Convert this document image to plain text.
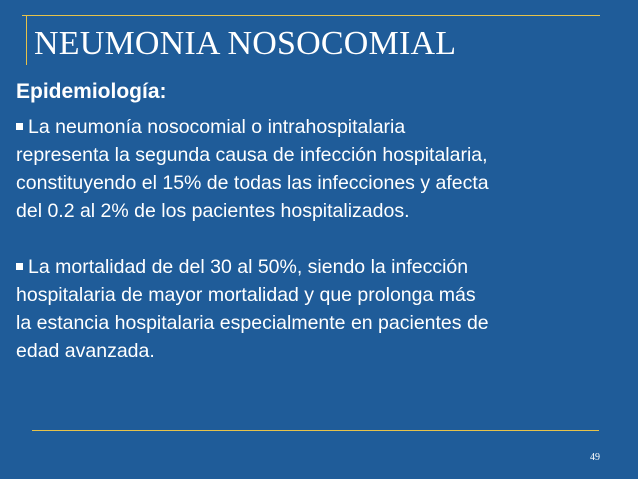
NEUMONIA NOSOCOMIAL

Epidemiología:

La neumonía nosocomial o intrahospitalaria
representa la segunda causa de infección hospitalaria,
constituyendo el 15% de todas las infecciones y afecta
del 0.2 al 2% de los pacientes hospitalizados.

La mortalidad de del 30 al 50%, siendo la infección
hospitalaria de mayor mortalidad y que prolonga más
la estancia hospitalaria especialmente en pacientes de
edad avanzada.

49
